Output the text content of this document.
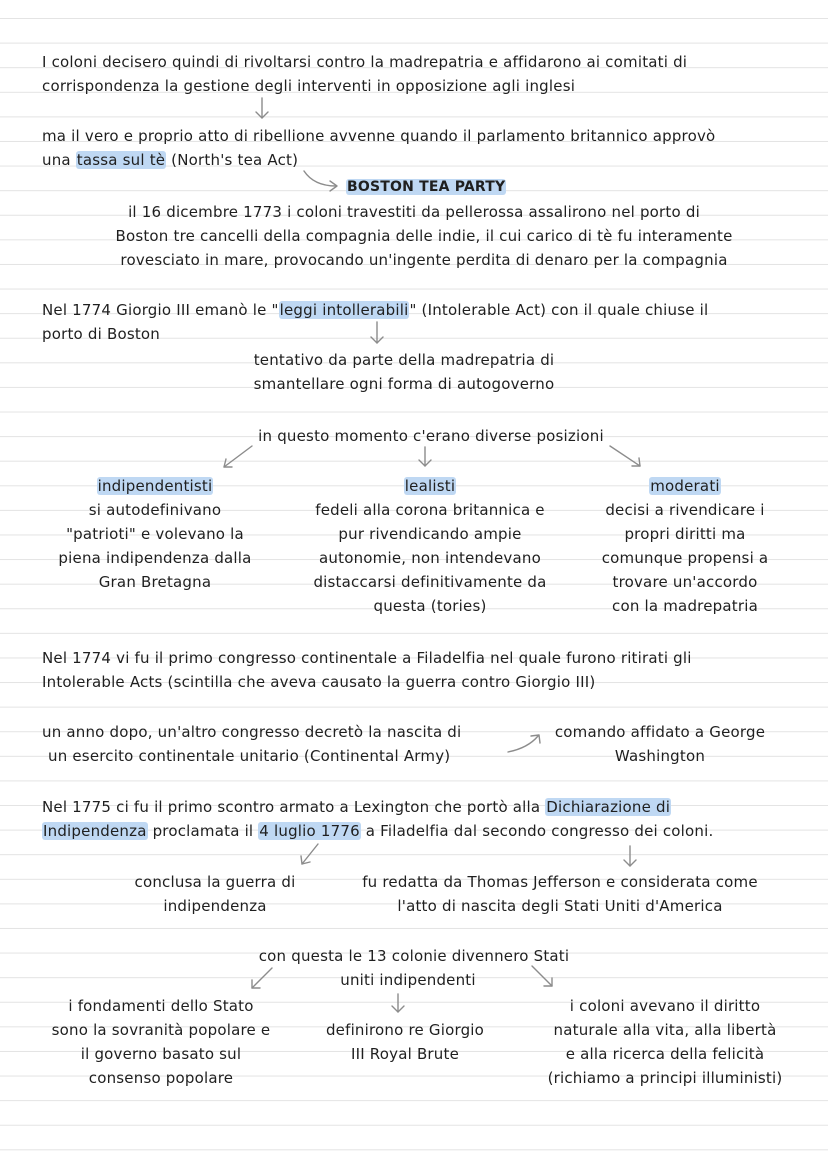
I coloni decisero quindi di rivoltarsi contro la madrepatria e affidarono ai comitati di
corrispondenza la gestione degli interventi in opposizione agli inglesi
ma il vero e proprio atto di ribellione avvenne quando il parlamento britannico approvò
una tassa sul tè (North's tea Act)
BOSTON TEA PARTY
il 16 dicembre 1773 i coloni travestiti da pellerossa assalirono nel porto di
Boston tre cancelli della compagnia delle indie, il cui carico di tè fu interamente
rovesciato in mare, provocando un'ingente perdita di denaro per la compagnia
Nel 1774 Giorgio III emanò le "leggi intollerabili" (Intolerable Act) con il quale chiuse il
porto di Boston
tentativo da parte della madrepatria di
smantellare ogni forma di autogoverno
in questo momento c'erano diverse posizioni
indipendentisti
si autodefinivano
"patrioti" e volevano la
piena indipendenza dalla
Gran Bretagna
lealisti
fedeli alla corona britannica e
pur rivendicando ampie
autonomie, non intendevano
distaccarsi definitivamente da
questa (tories)
moderati
decisi a rivendicare i
propri diritti ma
comunque propensi a
trovare un'accordo
con la madrepatria
Nel 1774 vi fu il primo congresso continentale a Filadelfia nel quale furono ritirati gli
Intolerable Acts (scintilla che aveva causato la guerra contro Giorgio III)
un anno dopo, un'altro congresso decretò la nascita di
un esercito continentale unitario (Continental Army)
comando affidato a George
Washington
Nel 1775 ci fu il primo scontro armato a Lexington che portò alla Dichiarazione di
Indipendenza proclamata il 4 luglio 1776 a Filadelfia dal secondo congresso dei coloni.
conclusa la guerra di
indipendenza
fu redatta da Thomas Jefferson e considerata come
l'atto di nascita degli Stati Uniti d'America
con questa le 13 colonie divennero Stati
uniti indipendenti
i fondamenti dello Stato
sono la sovranità popolare e
il governo basato sul
consenso popolare
definirono re Giorgio
III Royal Brute
i coloni avevano il diritto
naturale alla vita, alla libertà
e alla ricerca della felicità
(richiamo a principi illuministi)
